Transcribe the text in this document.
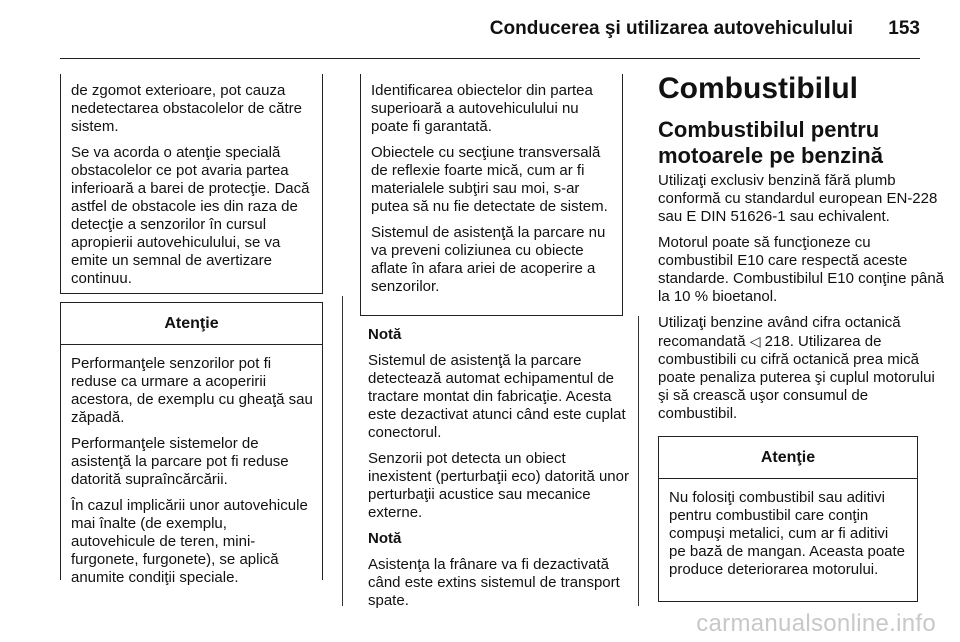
Conducerea şi utilizarea autovehiculului 153

de zgomot exterioare, pot cauza nedetectarea obstacolelor de către sistem.

Se va acorda o atenţie specială obstacolelor ce pot avaria partea inferioară a barei de protecţie. Dacă astfel de obstacole ies din raza de detecţie a senzorilor în cursul apropierii autovehiculului, se va emite un semnal de avertizare continuu.

Atenţie

Performanţele senzorilor pot fi reduse ca urmare a acoperirii acestora, de exemplu cu gheaţă sau zăpadă.

Performanţele sistemelor de asistenţă la parcare pot fi reduse datorită supraîncărcării.

În cazul implicării unor autovehicule mai înalte (de exemplu, autovehicule de teren, mini-furgonete, furgonete), se aplică anumite condiţii speciale.

Identificarea obiectelor din partea superioară a autovehiculului nu poate fi garantată.

Obiectele cu secţiune transversală de reflexie foarte mică, cum ar fi materialele subţiri sau moi, s-ar putea să nu fie detectate de sistem.

Sistemul de asistenţă la parcare nu va preveni coliziunea cu obiecte aflate în afara ariei de acoperire a senzorilor.

Notă

Sistemul de asistenţă la parcare detectează automat echipamentul de tractare montat din fabricaţie. Acesta este dezactivat atunci când este cuplat conectorul.

Senzorii pot detecta un obiect inexistent (perturbaţii eco) datorită unor perturbaţii acustice sau mecanice externe.

Notă

Asistenţa la frânare va fi dezactivată când este extins sistemul de transport spate.

Combustibilul
Combustibilul pentru motoarele pe benzină

Utilizaţi exclusiv benzină fără plumb conformă cu standardul european EN-228 sau E DIN 51626-1 sau echivalent.

Motorul poate să funcţioneze cu combustibil E10 care respectă aceste standarde. Combustibilul E10 conţine până la 10 % bioetanol.

Utilizaţi benzine având cifra octanică recomandată ◁ 218. Utilizarea de combustibili cu cifră octanică prea mică poate penaliza puterea şi cuplul motorului şi să crească uşor consumul de combustibil.

Atenţie

Nu folosiţi combustibil sau aditivi pentru combustibil care conţin compuşi metalici, cum ar fi aditivi pe bază de mangan. Aceasta poate produce deteriorarea motorului.

carmanualsonline.info
